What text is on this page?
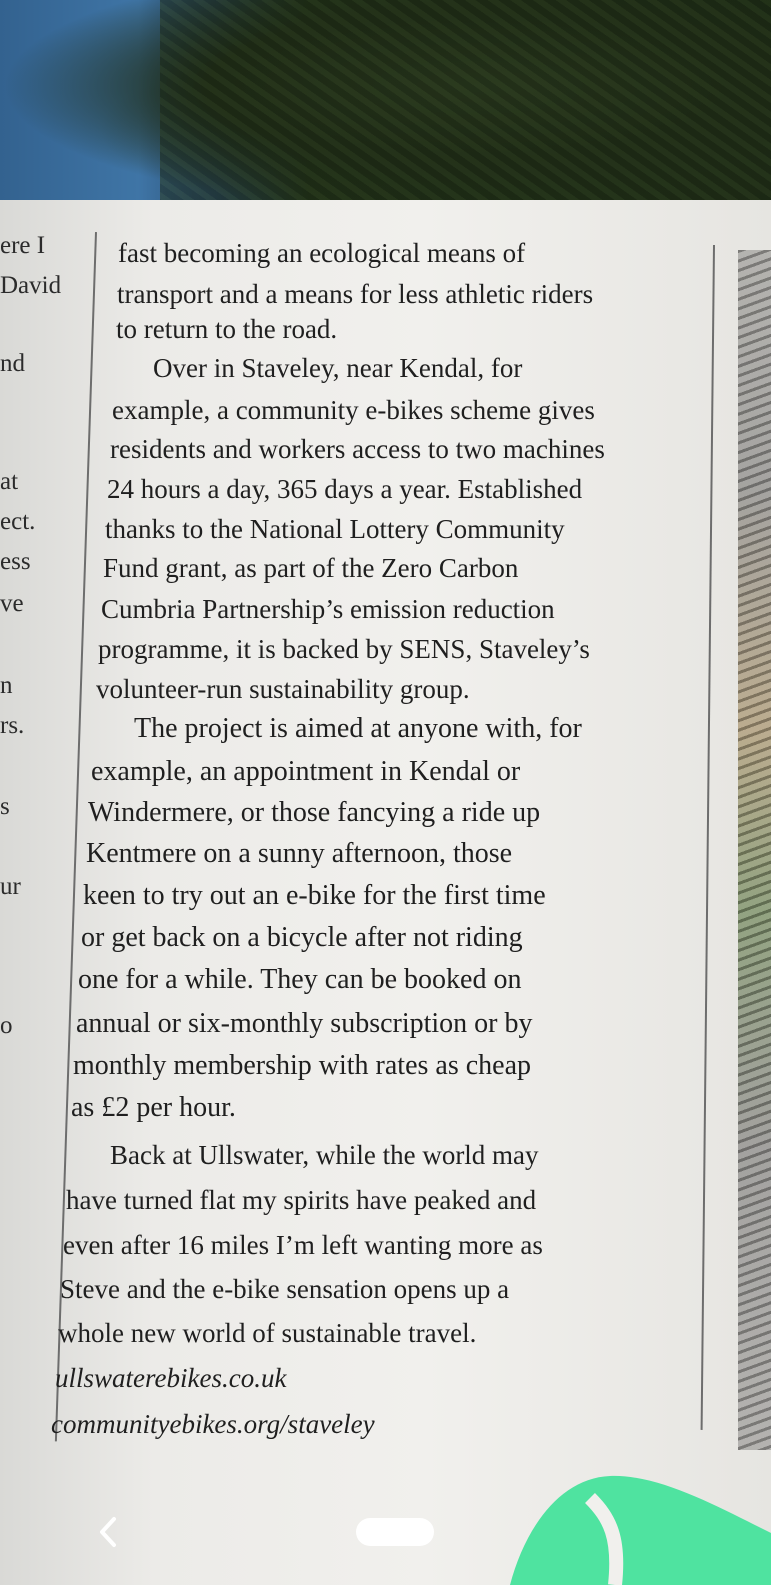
ere I
David
nd
at
ect.
ess
ve
n
rs.
s
ur
o
fast becoming an ecological means of
transport and a means for less athletic riders
to return to the road.
Over in Staveley, near Kendal, for
example, a community e-bikes scheme gives
residents and workers access to two machines
24 hours a day, 365 days a year. Established
thanks to the National Lottery Community
Fund grant, as part of the Zero Carbon
Cumbria Partnership’s emission reduction
programme, it is backed by SENS, Staveley’s
volunteer-run sustainability group.
The project is aimed at anyone with, for
example, an appointment in Kendal or
Windermere, or those fancying a ride up
Kentmere on a sunny afternoon, those
keen to try out an e-bike for the first time
or get back on a bicycle after not riding
one for a while. They can be booked on
annual or six-monthly subscription or by
monthly membership with rates as cheap
as £2 per hour.
Back at Ullswater, while the world may
have turned flat my spirits have peaked and
even after 16 miles I’m left wanting more as
Steve and the e-bike sensation opens up a
whole new world of sustainable travel.
ullswaterebikes.co.uk
communityebikes.org/staveley
